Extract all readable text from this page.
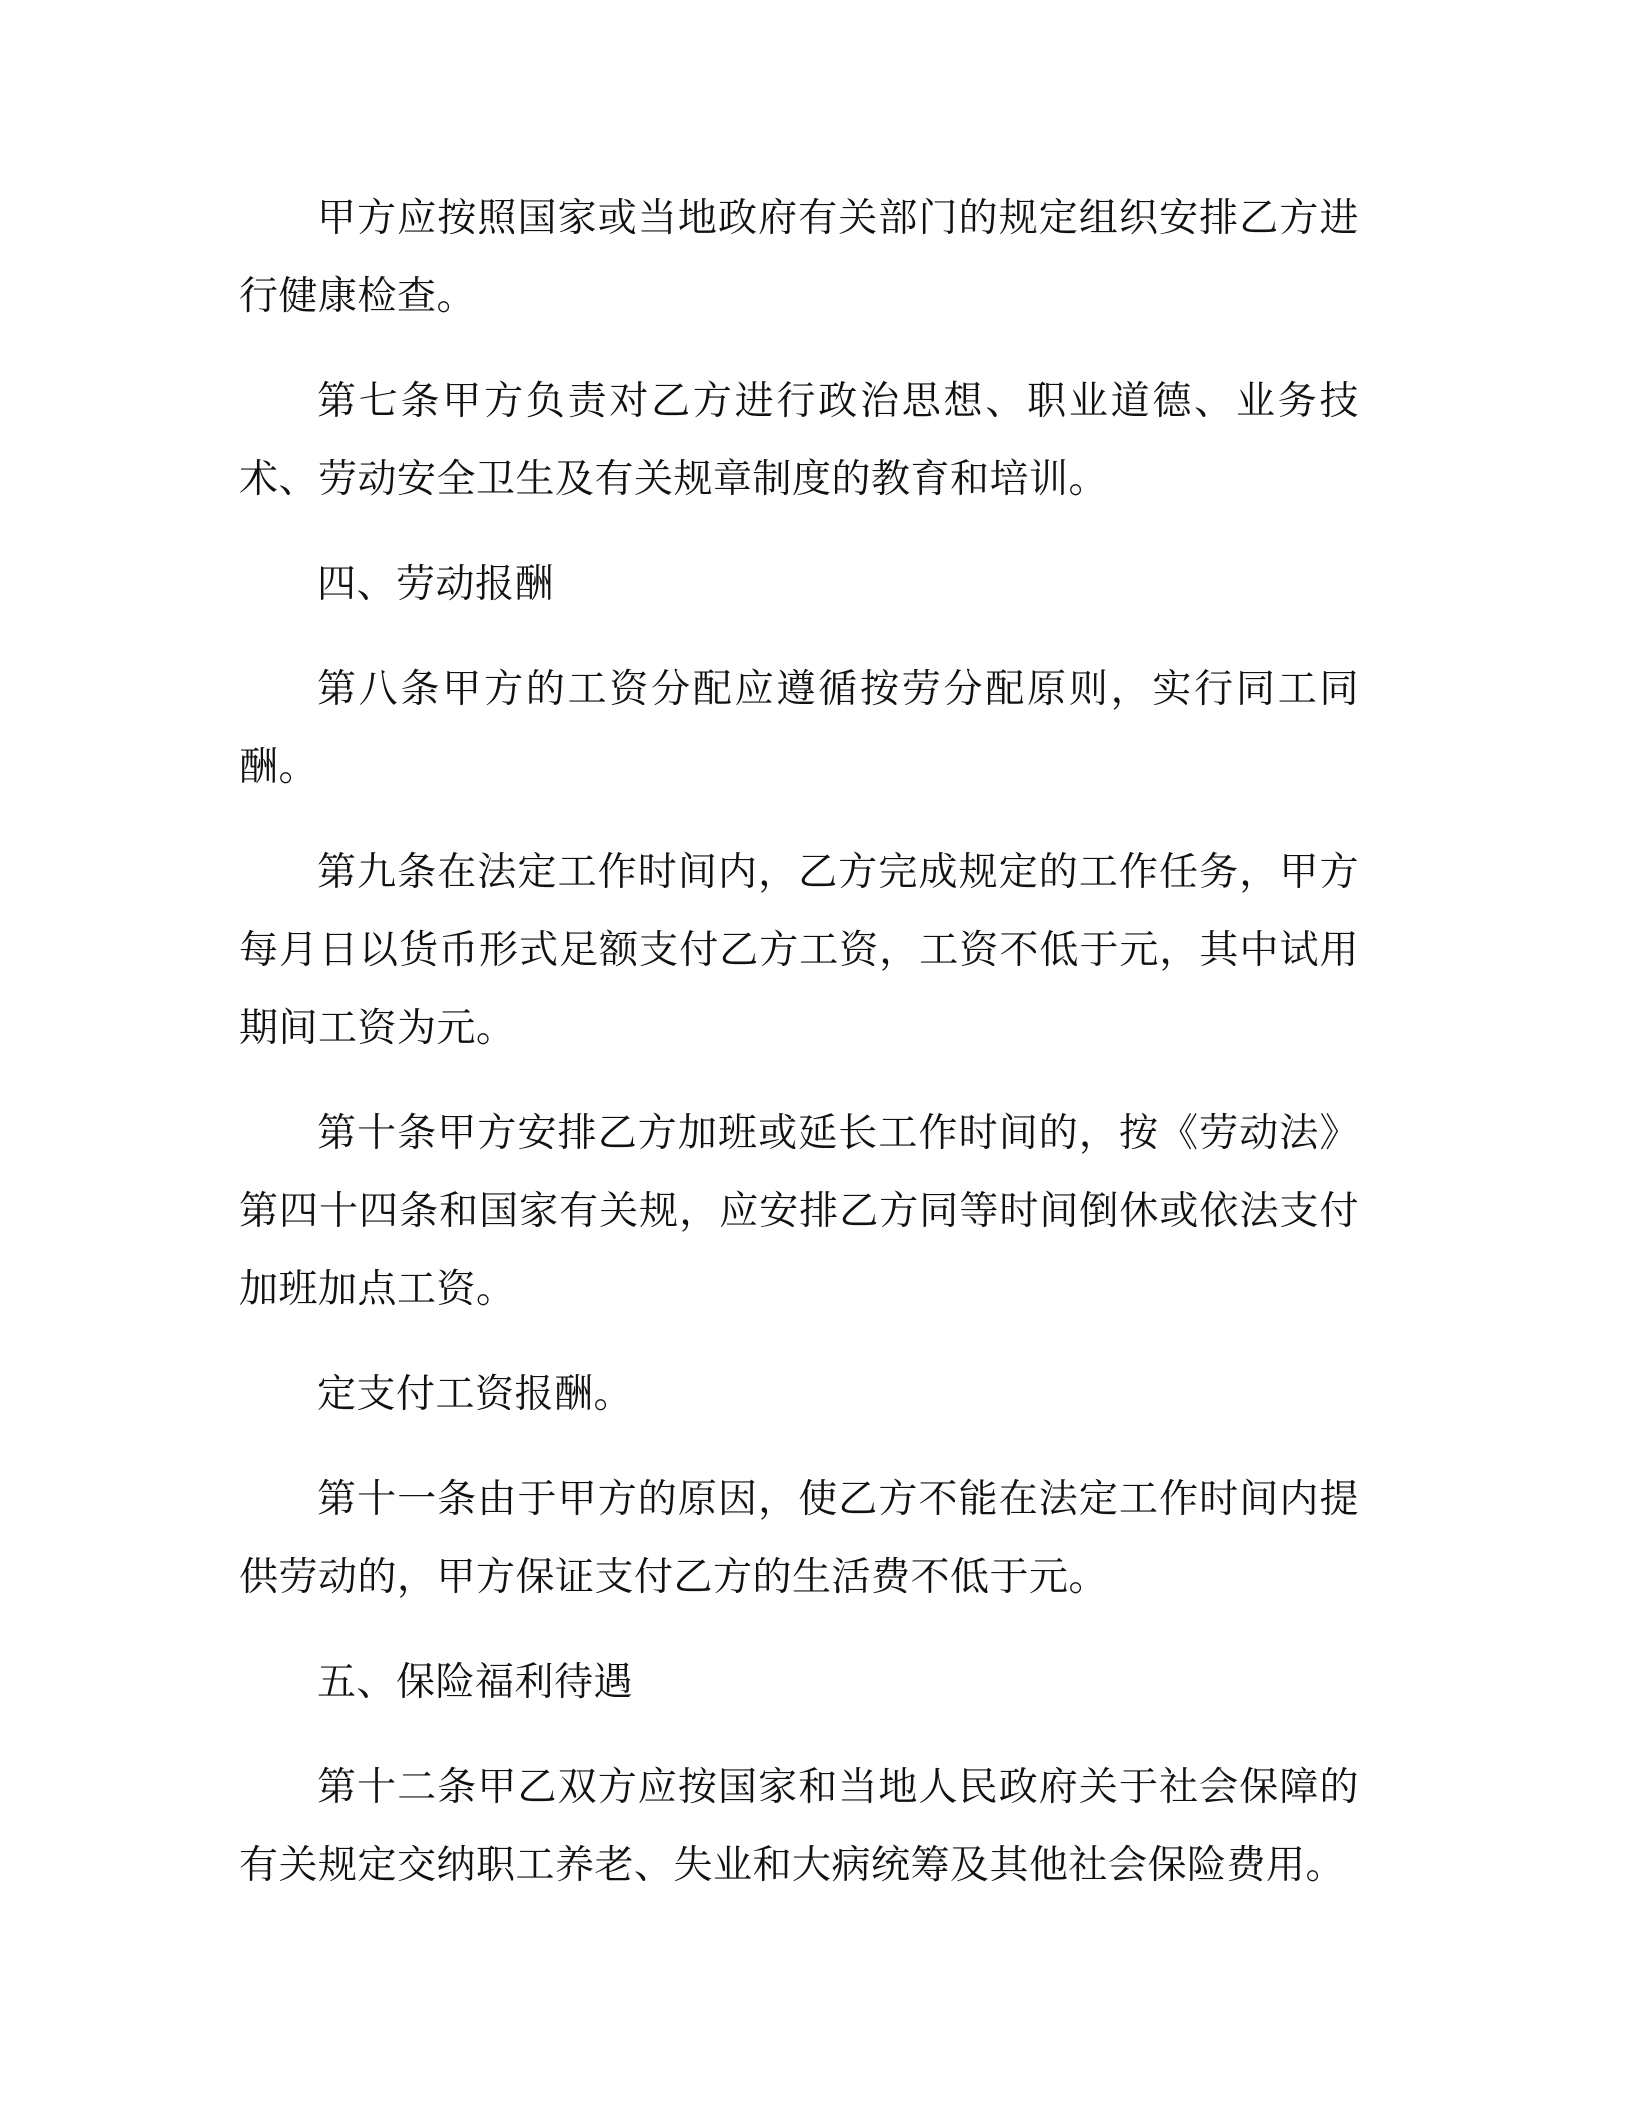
甲方应按照国家或当地政府有关部门的规定组织安排乙方进行健康检查。

第七条甲方负责对乙方进行政治思想、职业道德、业务技术、劳动安全卫生及有关规章制度的教育和培训。

四、劳动报酬

第八条甲方的工资分配应遵循按劳分配原则，实行同工同酬。

第九条在法定工作时间内，乙方完成规定的工作任务，甲方每月日以货币形式足额支付乙方工资，工资不低于元，其中试用期间工资为元。

第十条甲方安排乙方加班或延长工作时间的，按《劳动法》第四十四条和国家有关规，应安排乙方同等时间倒休或依法支付加班加点工资。

定支付工资报酬。

第十一条由于甲方的原因，使乙方不能在法定工作时间内提供劳动的，甲方保证支付乙方的生活费不低于元。

五、保险福利待遇

第十二条甲乙双方应按国家和当地人民政府关于社会保障的有关规定交纳职工养老、失业和大病统筹及其他社会保险费用。
